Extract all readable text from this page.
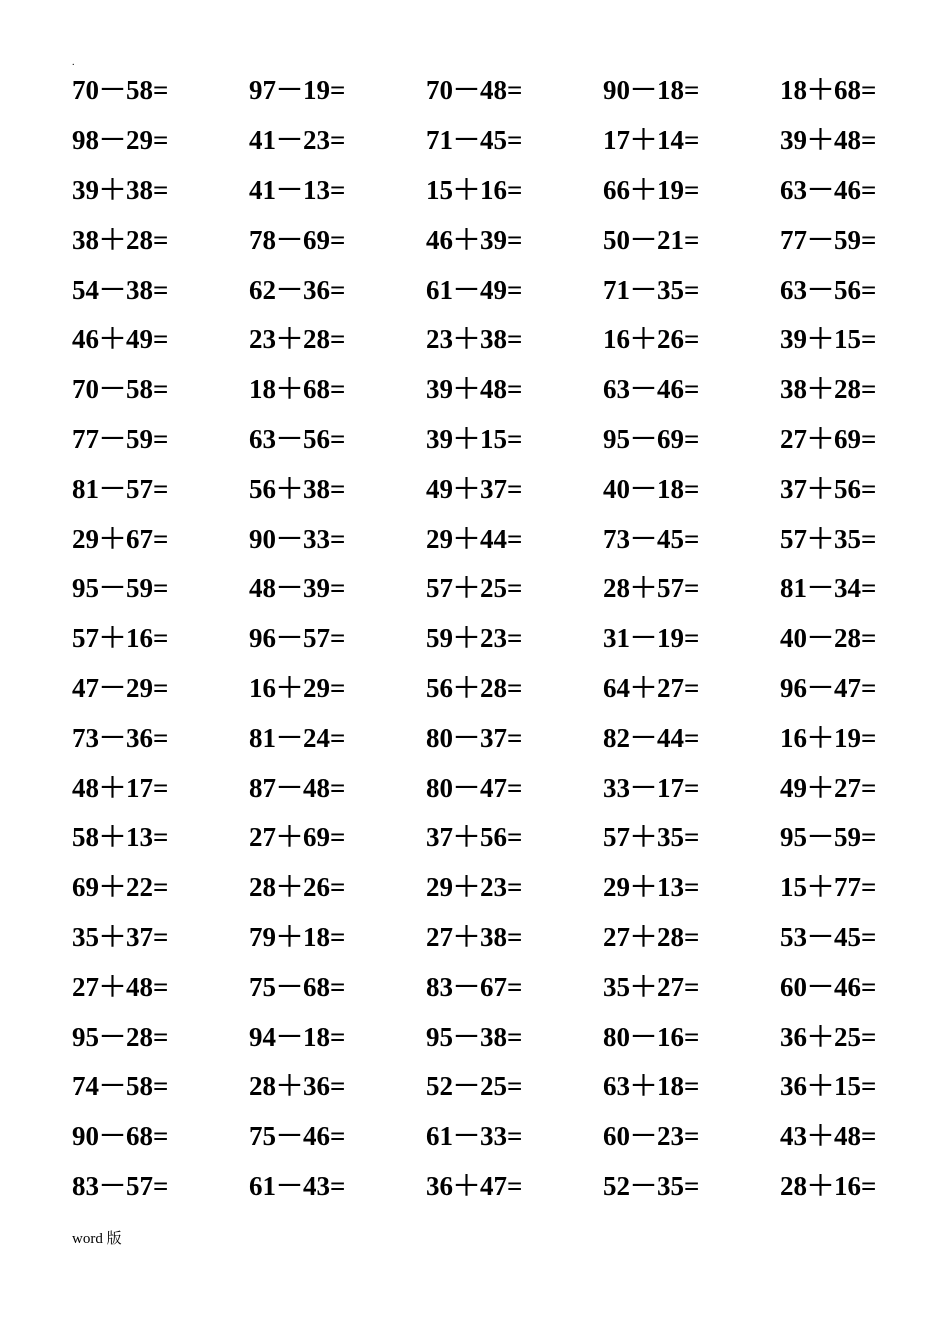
.
70－58=	97－19=	70－48=	90－18=	18＋68=
98－29=	41－23=	71－45=	17＋14=	39＋48=
39＋38=	41－13=	15＋16=	66＋19=	63－46=
38＋28=	78－69=	46＋39=	50－21=	77－59=
54－38=	62－36=	61－49=	71－35=	63－56=
46＋49=	23＋28=	23＋38=	16＋26=	39＋15=
70－58=	18＋68=	39＋48=	63－46=	38＋28=
77－59=	63－56=	39＋15=	95－69=	27＋69=
81－57=	56＋38=	49＋37=	40－18=	37＋56=
29＋67=	90－33=	29＋44=	73－45=	57＋35=
95－59=	48－39=	57＋25=	28＋57=	81－34=
57＋16=	96－57=	59＋23=	31－19=	40－28=
47－29=	16＋29=	56＋28=	64＋27=	96－47=
73－36=	81－24=	80－37=	82－44=	16＋19=
48＋17=	87－48=	80－47=	33－17=	49＋27=
58＋13=	27＋69=	37＋56=	57＋35=	95－59=
69＋22=	28＋26=	29＋23=	29＋13=	15＋77=
35＋37=	79＋18=	27＋38=	27＋28=	53－45=
27＋48=	75－68=	83－67=	35＋27=	60－46=
95－28=	94－18=	95－38=	80－16=	36＋25=
74－58=	28＋36=	52－25=	63＋18=	36＋15=
90－68=	75－46=	61－33=	60－23=	43＋48=
83－57=	61－43=	36＋47=	52－35=	28＋16=
word 版
